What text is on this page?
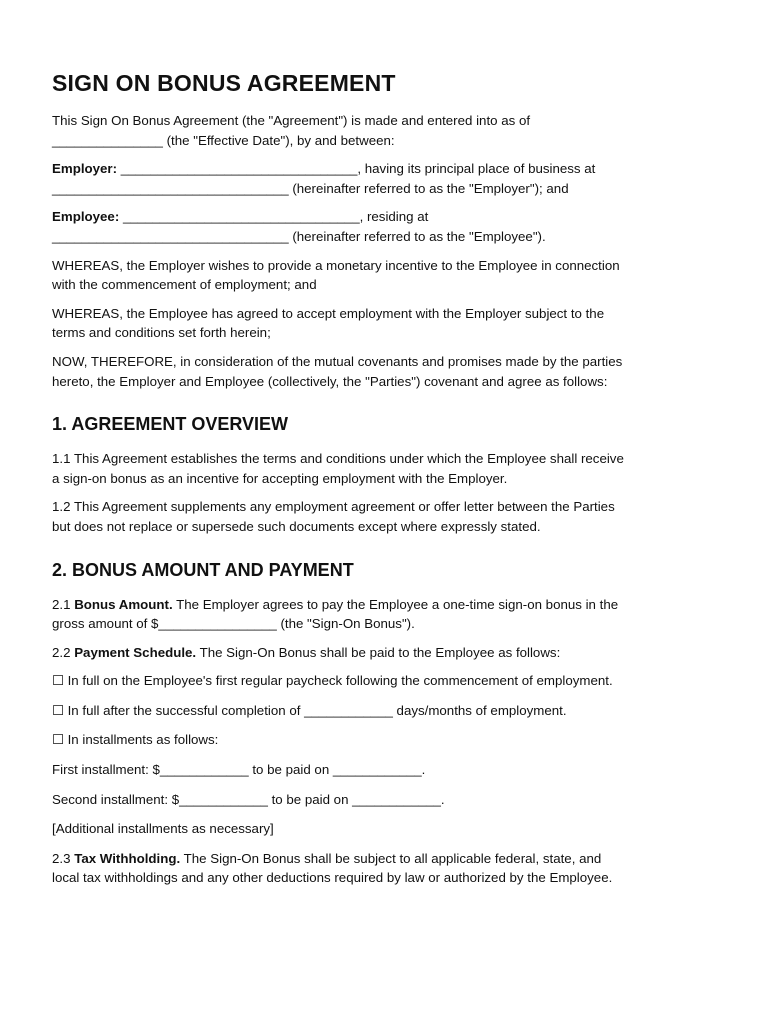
SIGN ON BONUS AGREEMENT

This Sign On Bonus Agreement (the "Agreement") is made and entered into as of
_______________ (the "Effective Date"), by and between:

Employer: ________________________________, having its principal place of business at
________________________________ (hereinafter referred to as the "Employer"); and

Employee: ________________________________, residing at
________________________________ (hereinafter referred to as the "Employee").

WHEREAS, the Employer wishes to provide a monetary incentive to the Employee in connection
with the commencement of employment; and

WHEREAS, the Employee has agreed to accept employment with the Employer subject to the
terms and conditions set forth herein;

NOW, THEREFORE, in consideration of the mutual covenants and promises made by the parties
hereto, the Employer and Employee (collectively, the "Parties") covenant and agree as follows:

1. AGREEMENT OVERVIEW

1.1 This Agreement establishes the terms and conditions under which the Employee shall receive
a sign-on bonus as an incentive for accepting employment with the Employer.

1.2 This Agreement supplements any employment agreement or offer letter between the Parties
but does not replace or supersede such documents except where expressly stated.

2. BONUS AMOUNT AND PAYMENT

2.1 Bonus Amount. The Employer agrees to pay the Employee a one-time sign-on bonus in the
gross amount of $________________ (the "Sign-On Bonus").

2.2 Payment Schedule. The Sign-On Bonus shall be paid to the Employee as follows:

☐ In full on the Employee's first regular paycheck following the commencement of employment.

☐ In full after the successful completion of ____________ days/months of employment.

☐ In installments as follows:

First installment: $____________ to be paid on ____________.

Second installment: $____________ to be paid on ____________.

[Additional installments as necessary]

2.3 Tax Withholding. The Sign-On Bonus shall be subject to all applicable federal, state, and
local tax withholdings and any other deductions required by law or authorized by the Employee.
